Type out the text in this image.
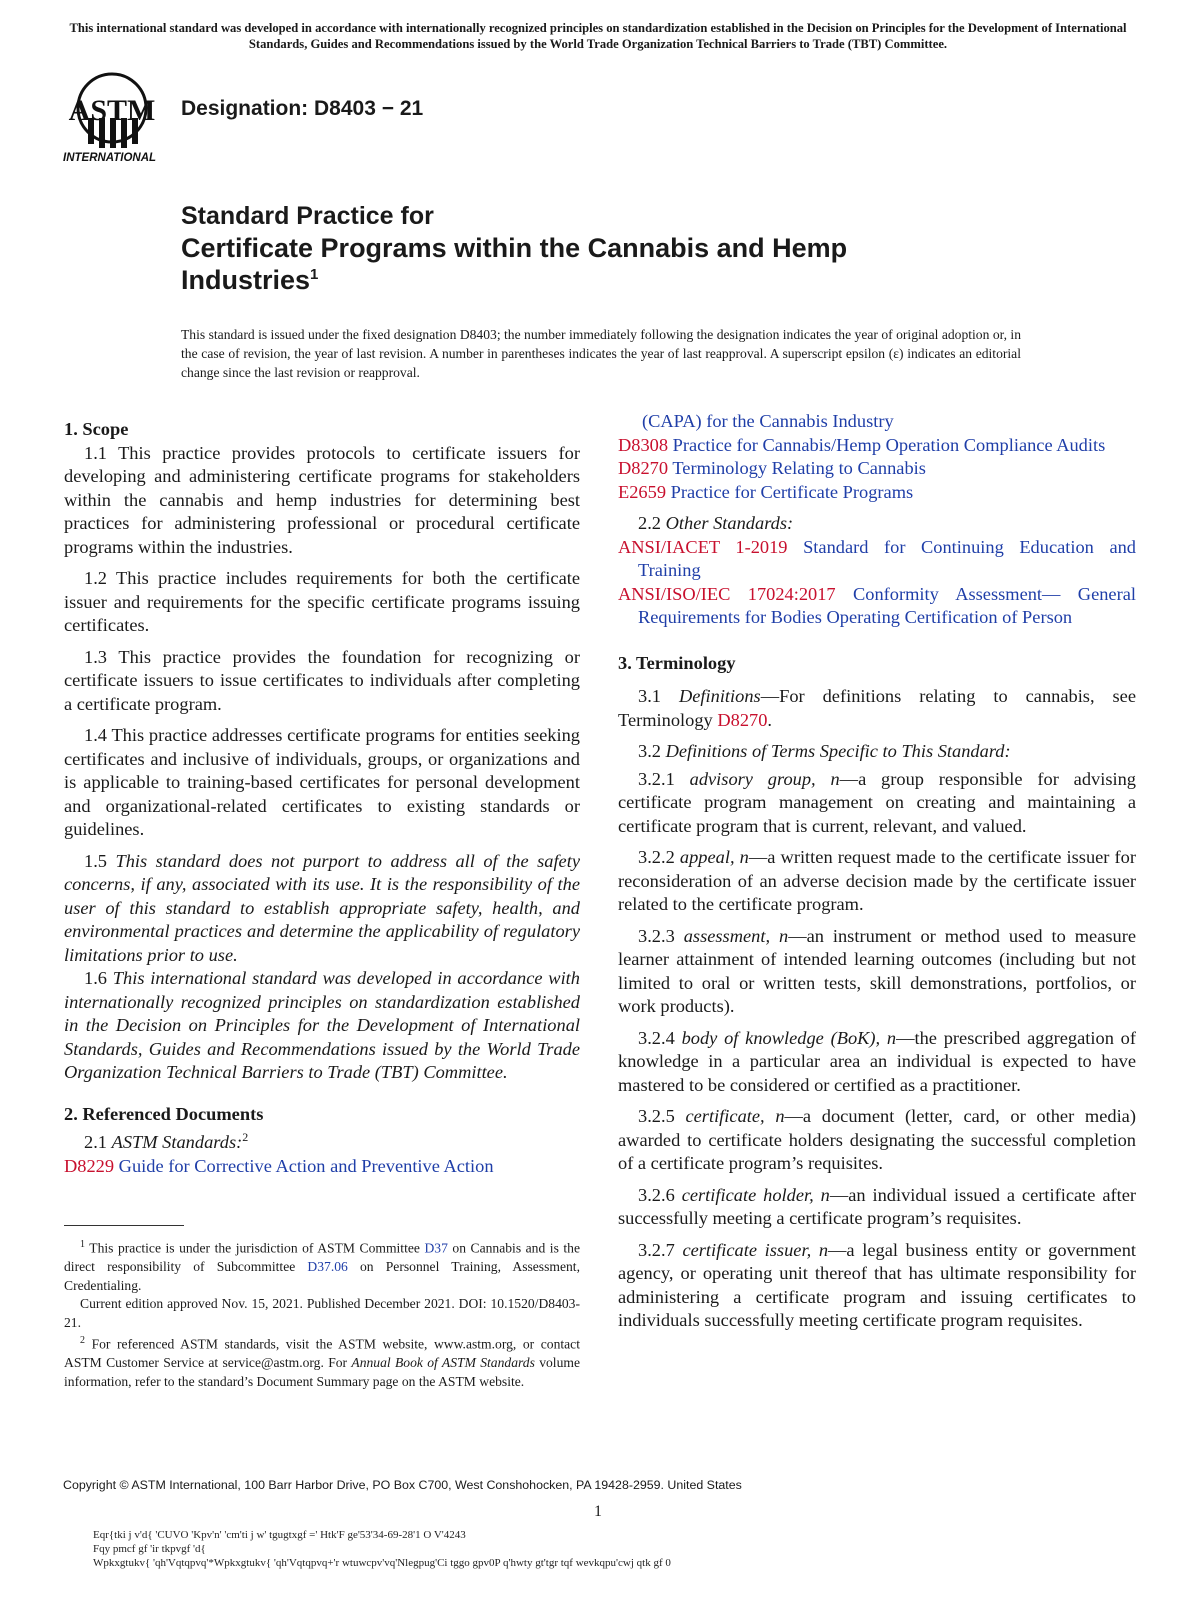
This international standard was developed in accordance with internationally recognized principles on standardization established in the Decision on Principles for the Development of International Standards, Guides and Recommendations issued by the World Trade Organization Technical Barriers to Trade (TBT) Committee.
ASTM
INTERNATIONAL
Designation: D8403 − 21
Standard Practice for
Certificate Programs within the Cannabis and Hemp Industries$^1$
This standard is issued under the fixed designation D8403; the number immediately following the designation indicates the year of original adoption or, in the case of revision, the year of last revision. A number in parentheses indicates the year of last reapproval. A superscript epsilon (ε) indicates an editorial change since the last revision or reapproval.

1. Scope

1.1 This practice provides protocols to certificate issuers for developing and administering certificate programs for stakeholders within the cannabis and hemp industries for determining best practices for administering professional or procedural certificate programs within the industries.

1.2 This practice includes requirements for both the certificate issuer and requirements for the specific certificate programs issuing certificates.

1.3 This practice provides the foundation for recognizing or certificate issuers to issue certificates to individuals after completing a certificate program.

1.4 This practice addresses certificate programs for entities seeking certificates and inclusive of individuals, groups, or organizations and is applicable to training-based certificates for personal development and organizational-related certificates to existing standards or guidelines.

1.5 This standard does not purport to address all of the safety concerns, if any, associated with its use. It is the responsibility of the user of this standard to establish appropriate safety, health, and environmental practices and determine the applicability of regulatory limitations prior to use.

1.6 This international standard was developed in accordance with internationally recognized principles on standardization established in the Decision on Principles for the Development of International Standards, Guides and Recommendations issued by the World Trade Organization Technical Barriers to Trade (TBT) Committee.

2. Referenced Documents

2.1 ASTM Standards:$^2$

D8229 Guide for Corrective Action and Preventive Action

$^1$ This practice is under the jurisdiction of ASTM Committee D37 on Cannabis and is the direct responsibility of Subcommittee D37.06 on Personnel Training, Assessment, Credentialing.

Current edition approved Nov. 15, 2021. Published December 2021. DOI: 10.1520/D8403-21.

$^2$ For referenced ASTM standards, visit the ASTM website, www.astm.org, or contact ASTM Customer Service at service@astm.org. For Annual Book of ASTM Standards volume information, refer to the standard’s Document Summary page on the ASTM website.

(CAPA) for the Cannabis Industry

D8308 Practice for Cannabis/Hemp Operation Compliance Audits

D8270 Terminology Relating to Cannabis

E2659 Practice for Certificate Programs

2.2 Other Standards:

ANSI/IACET 1-2019 Standard for Continuing Education and Training

ANSI/ISO/IEC 17024:2017 Conformity Assessment— General Requirements for Bodies Operating Certification of Person

3. Terminology

3.1 Definitions—For definitions relating to cannabis, see Terminology D8270.

3.2 Definitions of Terms Specific to This Standard:

3.2.1 advisory group, n—a group responsible for advising certificate program management on creating and maintaining a certificate program that is current, relevant, and valued.

3.2.2 appeal, n—a written request made to the certificate issuer for reconsideration of an adverse decision made by the certificate issuer related to the certificate program.

3.2.3 assessment, n—an instrument or method used to measure learner attainment of intended learning outcomes (including but not limited to oral or written tests, skill demonstrations, portfolios, or work products).

3.2.4 body of knowledge (BoK), n—the prescribed aggregation of knowledge in a particular area an individual is expected to have mastered to be considered or certified as a practitioner.

3.2.5 certificate, n—a document (letter, card, or other media) awarded to certificate holders designating the successful completion of a certificate program’s requisites.

3.2.6 certificate holder, n—an individual issued a certificate after successfully meeting a certificate program’s requisites.

3.2.7 certificate issuer, n—a legal business entity or government agency, or operating unit thereof that has ultimate responsibility for administering a certificate program and issuing certificates to individuals successfully meeting certificate program requisites.

Copyright © ASTM International, 100 Barr Harbor Drive, PO Box C700, West Conshohocken, PA 19428-2959. United States
1
Eqr{tki j v'd{ 'CUVO 'Kpv'n' 'cm'ti j w' tgugtxgf =' Htk'F ge'53'34-69-28'1 O V'4243
Fqy pmcf gf 'ir tkpvgf 'd{
Wpkxgtukv{ 'qh'Vqtqpvq'*Wpkxgtukv{ 'qh'Vqtqpvq+'r wtuwcpv'vq'Nlegpug'Ci tggo gpv0P q'hwty gt'tgr tqf wevkqpu'cwj qtk gf 0
